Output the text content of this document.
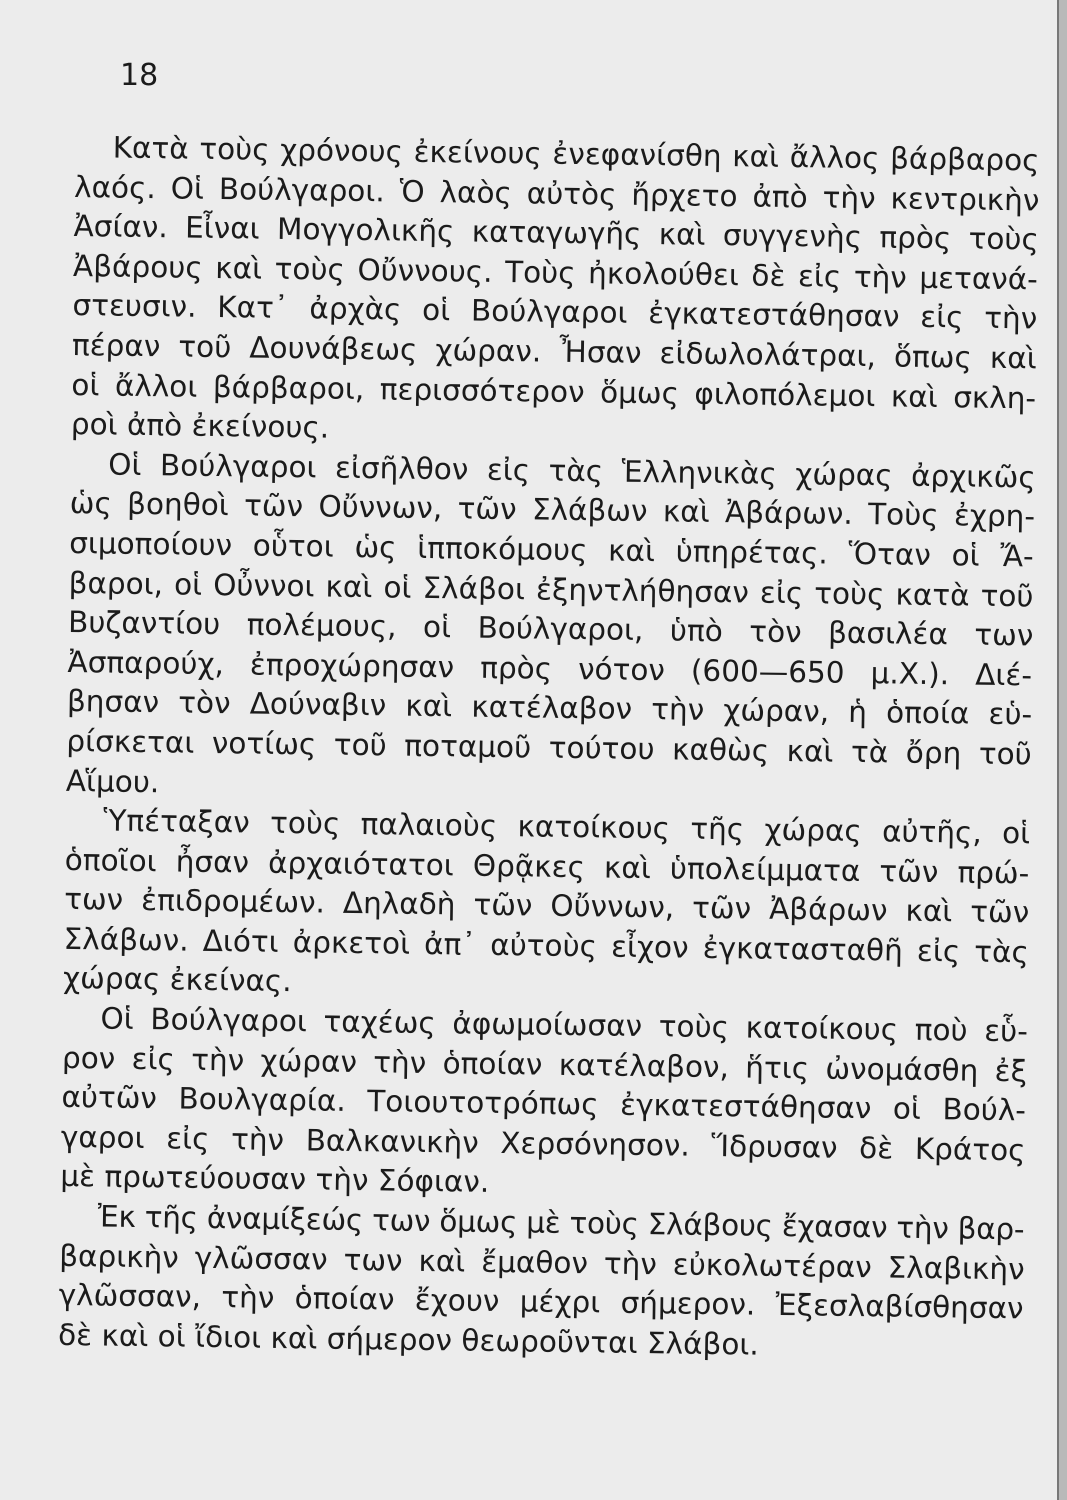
18
Κατὰ τοὺς χρόνους ἐκείνους ἐνεφανίσθη καὶ ἄλλος βάρβαρος
λαός. Οἱ Βούλγαροι. Ὁ λαὸς αὐτὸς ἤρχετο ἀπὸ τὴν κεντρικὴν
Ἀσίαν. Εἶναι Μογγολικῆς καταγωγῆς καὶ συγγενὴς πρὸς τοὺς
Ἀβάρους καὶ τοὺς Οὔννους. Τοὺς ἠκολούθει δὲ εἰς τὴν μετανά-
στευσιν. Κατ᾽ ἀρχὰς οἱ Βούλγαροι ἐγκατεστάθησαν εἰς τὴν
πέραν τοῦ Δουνάβεως χώραν. Ἦσαν εἰδωλολάτραι, ὅπως καὶ
οἱ ἄλλοι βάρβαροι, περισσότερον ὅμως φιλοπόλεμοι καὶ σκλη-
ροὶ ἀπὸ ἐκείνους.
Οἱ Βούλγαροι εἰσῆλθον εἰς τὰς Ἑλληνικὰς χώρας ἀρχικῶς
ὡς βοηθοὶ τῶν Οὔννων, τῶν Σλάβων καὶ Ἀβάρων. Τοὺς ἐχρη-
σιμοποίουν οὗτοι ὡς ἱπποκόμους καὶ ὑπηρέτας. Ὅταν οἱ Ἄ-
βαροι, οἱ Οὖννοι καὶ οἱ Σλάβοι ἐξηντλήθησαν εἰς τοὺς κατὰ τοῦ
Βυζαντίου πολέμους, οἱ Βούλγαροι, ὑπὸ τὸν βασιλέα των
Ἀσπαρούχ, ἐπροχώρησαν πρὸς νότον (600—650 μ.Χ.). Διέ-
βησαν τὸν Δούναβιν καὶ κατέλαβον τὴν χώραν, ἡ ὁποία εὑ-
ρίσκεται νοτίως τοῦ ποταμοῦ τούτου καθὼς καὶ τὰ ὄρη τοῦ
Αἵμου.
Ὑπέταξαν τοὺς παλαιοὺς κατοίκους τῆς χώρας αὐτῆς, οἱ
ὁποῖοι ἦσαν ἀρχαιότατοι Θρᾷκες καὶ ὑπολείμματα τῶν πρώ-
των ἐπιδρομέων. Δηλαδὴ τῶν Οὔννων, τῶν Ἀβάρων καὶ τῶν
Σλάβων. Διότι ἀρκετοὶ ἀπ᾽ αὐτοὺς εἶχον ἐγκατασταθῆ εἰς τὰς
χώρας ἐκείνας.
Οἱ Βούλγαροι ταχέως ἀφωμοίωσαν τοὺς κατοίκους ποὺ εὗ-
ρον εἰς τὴν χώραν τὴν ὁποίαν κατέλαβον, ἥτις ὠνομάσθη ἐξ
αὐτῶν Βουλγαρία. Τοιουτοτρόπως ἐγκατεστάθησαν οἱ Βούλ-
γαροι εἰς τὴν Βαλκανικὴν Χερσόνησον. Ἵδρυσαν δὲ Κράτος
μὲ πρωτεύουσαν τὴν Σόφιαν.
Ἐκ τῆς ἀναμίξεώς των ὅμως μὲ τοὺς Σλάβους ἔχασαν τὴν βαρ-
βαρικὴν γλῶσσαν των καὶ ἔμαθον τὴν εὐκολωτέραν Σλαβικὴν
γλῶσσαν, τὴν ὁποίαν ἔχουν μέχρι σήμερον. Ἐξεσλαβίσθησαν
δὲ καὶ οἱ ἴδιοι καὶ σήμερον θεωροῦνται Σλάβοι.
